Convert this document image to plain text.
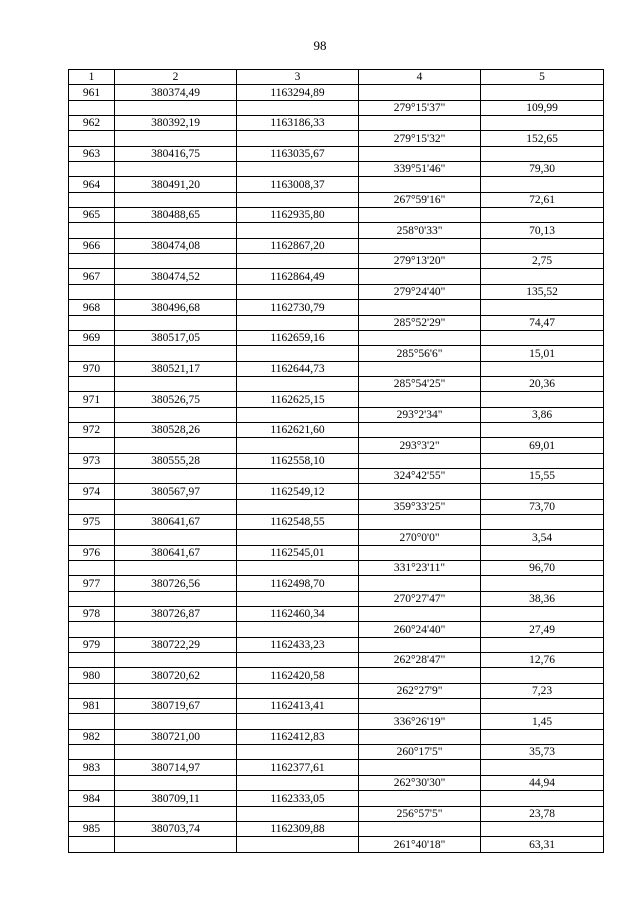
98
1	2	3	4	5
961	380374,49	1163294,89		
			279°15'37"	109,99
962	380392,19	1163186,33		
			279°15'32"	152,65
963	380416,75	1163035,67		
			339°51'46"	79,30
964	380491,20	1163008,37		
			267°59'16"	72,61
965	380488,65	1162935,80		
			258°0'33"	70,13
966	380474,08	1162867,20		
			279°13'20"	2,75
967	380474,52	1162864,49		
			279°24'40"	135,52
968	380496,68	1162730,79		
			285°52'29"	74,47
969	380517,05	1162659,16		
			285°56'6"	15,01
970	380521,17	1162644,73		
			285°54'25"	20,36
971	380526,75	1162625,15		
			293°2'34"	3,86
972	380528,26	1162621,60		
			293°3'2"	69,01
973	380555,28	1162558,10		
			324°42'55"	15,55
974	380567,97	1162549,12		
			359°33'25"	73,70
975	380641,67	1162548,55		
			270°0'0"	3,54
976	380641,67	1162545,01		
			331°23'11"	96,70
977	380726,56	1162498,70		
			270°27'47"	38,36
978	380726,87	1162460,34		
			260°24'40"	27,49
979	380722,29	1162433,23		
			262°28'47"	12,76
980	380720,62	1162420,58		
			262°27'9"	7,23
981	380719,67	1162413,41		
			336°26'19"	1,45
982	380721,00	1162412,83		
			260°17'5"	35,73
983	380714,97	1162377,61		
			262°30'30"	44,94
984	380709,11	1162333,05		
			256°57'5"	23,78
985	380703,74	1162309,88		
			261°40'18"	63,31
